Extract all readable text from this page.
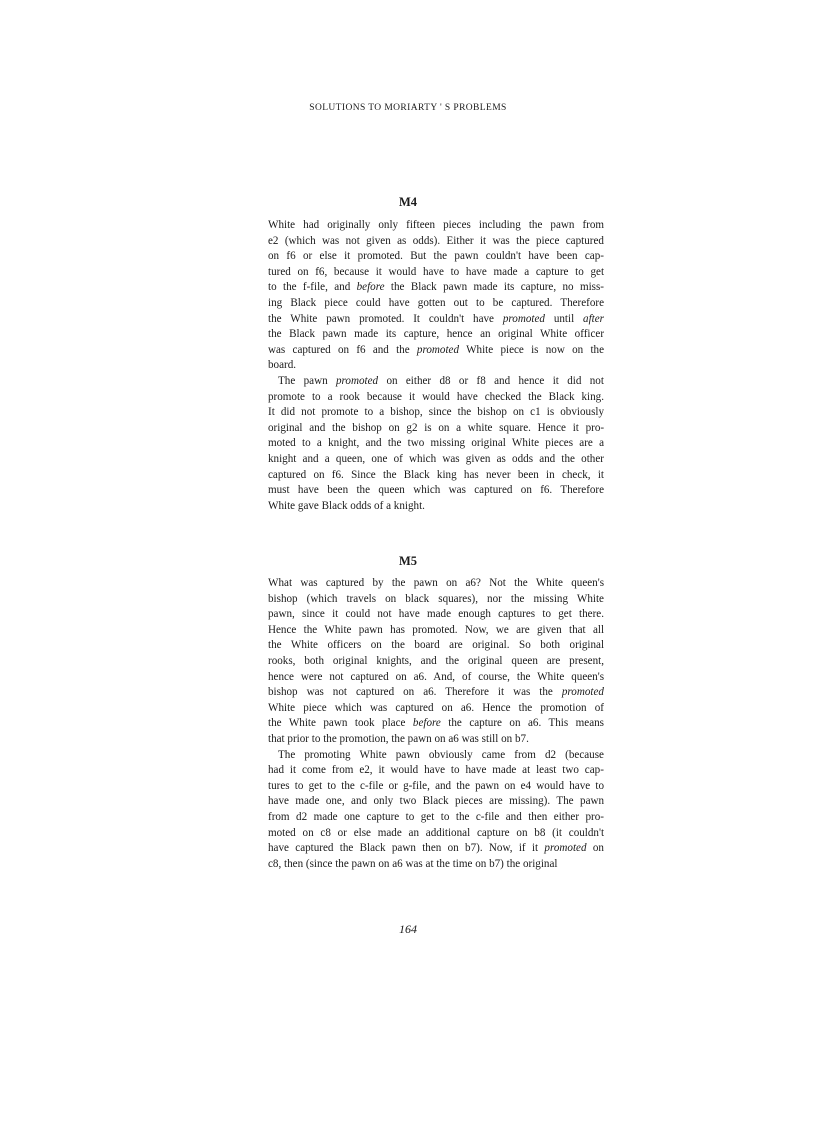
SOLUTIONS TO MORIARTY ' S PROBLEMS
M4

White had originally only fifteen pieces including the pawn from
e2 (which was not given as odds). Either it was the piece captured
on f6 or else it promoted. But the pawn couldn't have been cap-
tured on f6, because it would have to have made a capture to get
to the f-file, and before the Black pawn made its capture, no miss-
ing Black piece could have gotten out to be captured. Therefore
the White pawn promoted. It couldn't have promoted until after
the Black pawn made its capture, hence an original White officer
was captured on f6 and the promoted White piece is now on the
board.

The pawn promoted on either d8 or f8 and hence it did not
promote to a rook because it would have checked the Black king.
It did not promote to a bishop, since the bishop on c1 is obviously
original and the bishop on g2 is on a white square. Hence it pro-
moted to a knight, and the two missing original White pieces are a
knight and a queen, one of which was given as odds and the other
captured on f6. Since the Black king has never been in check, it
must have been the queen which was captured on f6. Therefore
White gave Black odds of a knight.

M5

What was captured by the pawn on a6? Not the White queen's
bishop (which travels on black squares), nor the missing White
pawn, since it could not have made enough captures to get there.
Hence the White pawn has promoted. Now, we are given that all
the White officers on the board are original. So both original
rooks, both original knights, and the original queen are present,
hence were not captured on a6. And, of course, the White queen's
bishop was not captured on a6. Therefore it was the promoted
White piece which was captured on a6. Hence the promotion of
the White pawn took place before the capture on a6. This means
that prior to the promotion, the pawn on a6 was still on b7.

The promoting White pawn obviously came from d2 (because
had it come from e2, it would have to have made at least two cap-
tures to get to the c-file or g-file, and the pawn on e4 would have to
have made one, and only two Black pieces are missing). The pawn
from d2 made one capture to get to the c-file and then either pro-
moted on c8 or else made an additional capture on b8 (it couldn't
have captured the Black pawn then on b7). Now, if it promoted on
c8, then (since the pawn on a6 was at the time on b7) the original

164
